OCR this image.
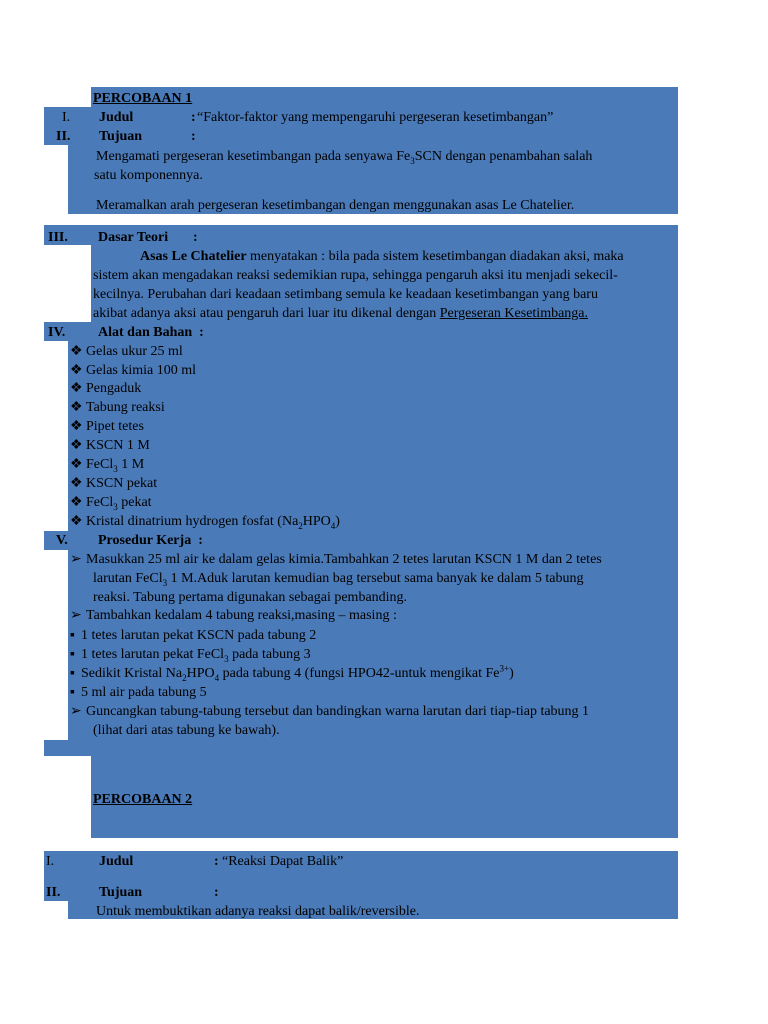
PERCOBAAN 1
I. Judul	: “Faktor-faktor yang mempengaruhi pergeseran kesetimbangan”
II. Tujuan	:
Mengamati pergeseran kesetimbangan pada senyawa $Fe_3SCN$ dengan penambahan salah
satu komponennya.
Meramalkan arah pergeseran kesetimbangan dengan menggunakan asas Le Chatelier.
III. Dasar Teori :
Asas Le Chatelier menyatakan : bila pada sistem kesetimbangan diadakan aksi, maka
sistem akan mengadakan reaksi sedemikian rupa, sehingga pengaruh aksi itu menjadi sekecil-
kecilnya. Perubahan dari keadaan setimbang semula ke keadaan kesetimbangan yang baru
akibat adanya aksi atau pengaruh dari luar itu dikenal dengan Pergeseran Kesetimbanga.
IV. Alat dan Bahan :
❖ Gelas ukur 25 ml
❖ Gelas kimia 100 ml
❖ Pengaduk
❖ Tabung reaksi
❖ Pipet tetes
❖ KSCN 1 M
❖ FeCl$_3$ 1 M
❖ KSCN pekat
❖ FeCl$_3$ pekat
❖ Kristal dinatrium hydrogen fosfat $(Na_2HPO_4)$
V. Prosedur Kerja :
➢ Masukkan 25 ml air ke dalam gelas kimia.Tambahkan 2 tetes larutan KSCN 1 M dan 2 tetes
larutan FeCl$_3$ 1 M.Aduk larutan kemudian bag tersebut sama banyak ke dalam 5 tabung
reaksi. Tabung pertama digunakan sebagai pembanding.
➢ Tambahkan kedalam 4 tabung reaksi,masing – masing :
▪ 1 tetes larutan pekat KSCN pada tabung 2
▪ 1 tetes larutan pekat FeCl$_3$ pada tabung 3
▪ Sedikit Kristal $Na_2HPO_4$ pada tabung 4 (fungsi HPO42-untuk mengikat $Fe^{3+}$)
▪ 5 ml air pada tabung 5
➢ Guncangkan tabung-tabung tersebut dan bandingkan warna larutan dari tiap-tiap tabung 1
(lihat dari atas tabung ke bawah).
PERCOBAAN 2
I.	Judul	: “Reaksi Dapat Balik”
II.	Tujuan	:
Untuk membuktikan adanya reaksi dapat balik/reversible.
